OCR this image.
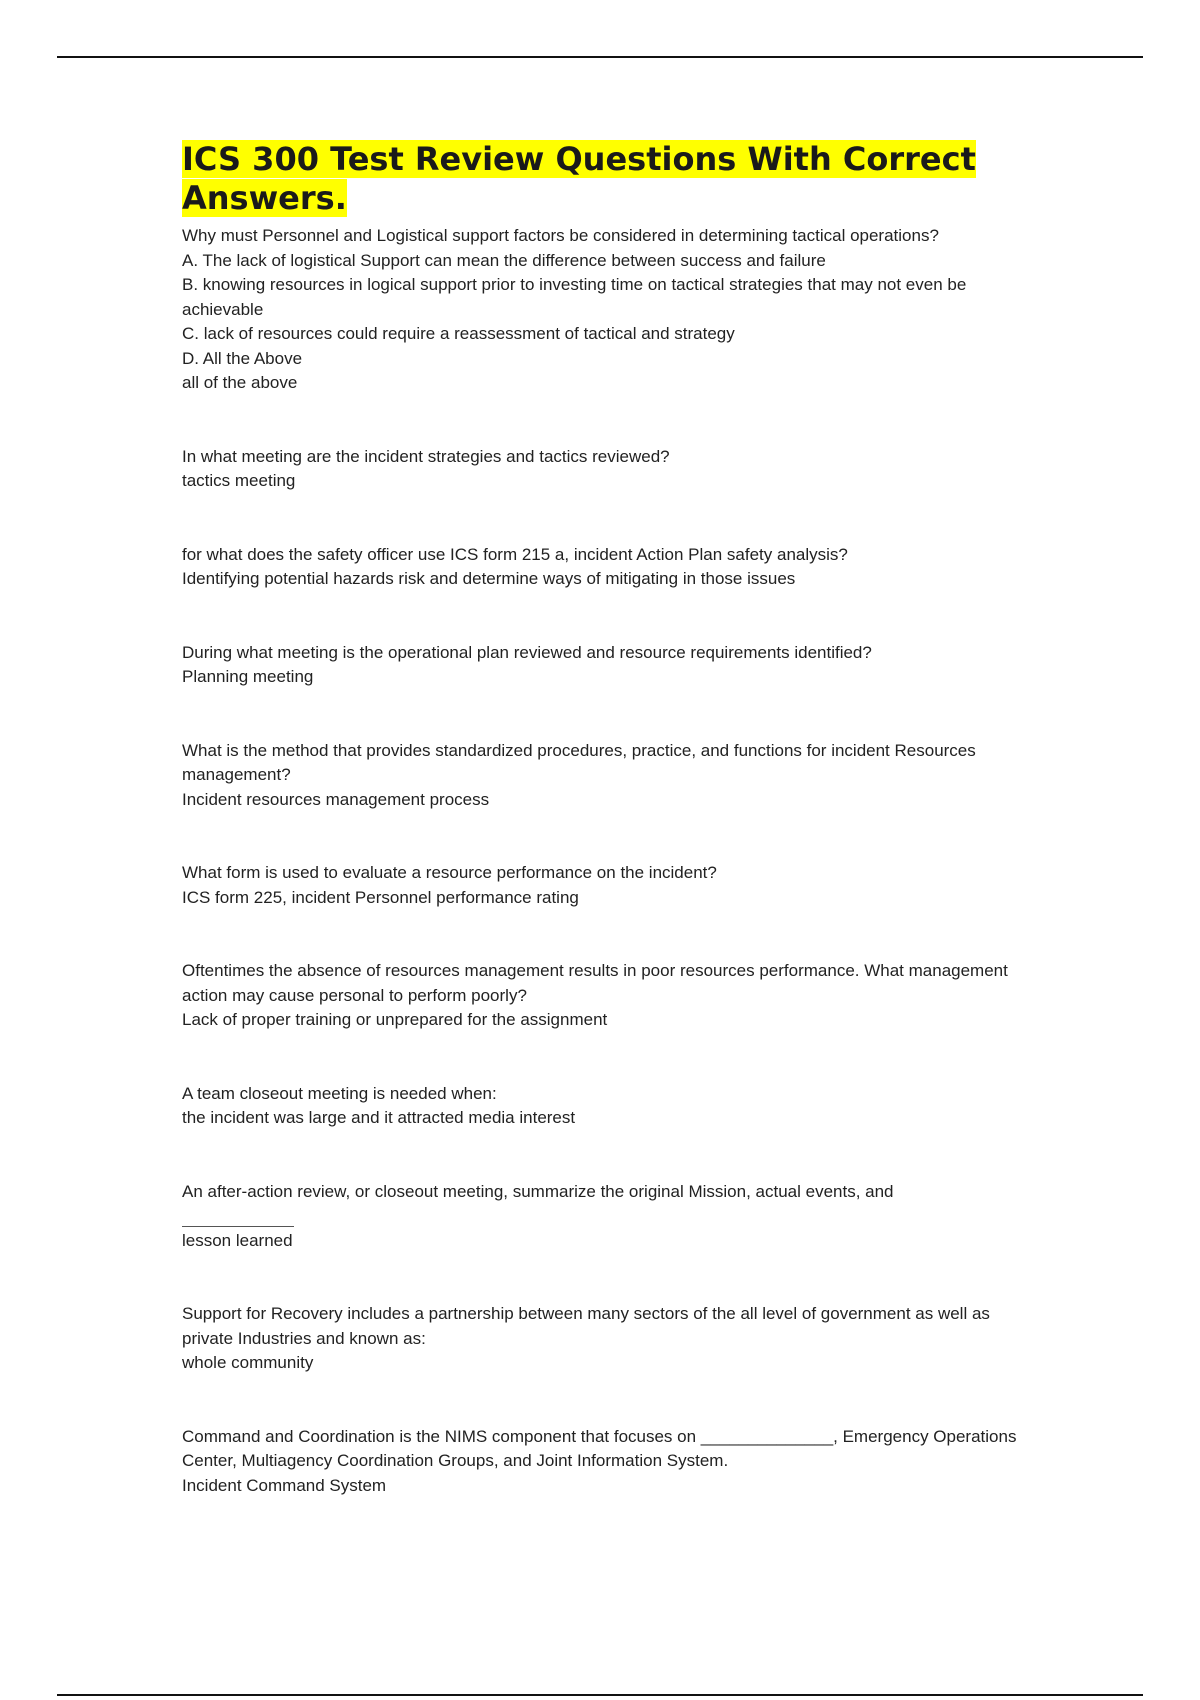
ICS 300 Test Review Questions With Correct Answers.
Why must Personnel and Logistical support factors be considered in determining tactical operations?
A. The lack of logistical Support can mean the difference between success and failure
B. knowing resources in logical support prior to investing time on tactical strategies that may not even be achievable
C. lack of resources could require a reassessment of tactical and strategy
D. All the Above
all of the above
In what meeting are the incident strategies and tactics reviewed?
tactics meeting
for what does the safety officer use ICS form 215 a, incident Action Plan safety analysis?
Identifying potential hazards risk and determine ways of mitigating in those issues
During what meeting is the operational plan reviewed and resource requirements identified?
Planning meeting
What is the method that provides standardized procedures, practice, and functions for incident Resources management?
Incident resources management process
What form is used to evaluate a resource performance on the incident?
ICS form 225, incident Personnel performance rating
Oftentimes the absence of resources management results in poor resources performance. What management action may cause personal to perform poorly?
Lack of proper training or unprepared for the assignment
A team closeout meeting is needed when:
the incident was large and it attracted media interest
An after-action review, or closeout meeting, summarize the original Mission, actual events, and
lesson learned
Support for Recovery includes a partnership between many sectors of the all level of government as well as private Industries and known as:
whole community
Command and Coordination is the NIMS component that focuses on ______________, Emergency Operations Center, Multiagency Coordination Groups, and Joint Information System.
Incident Command System
